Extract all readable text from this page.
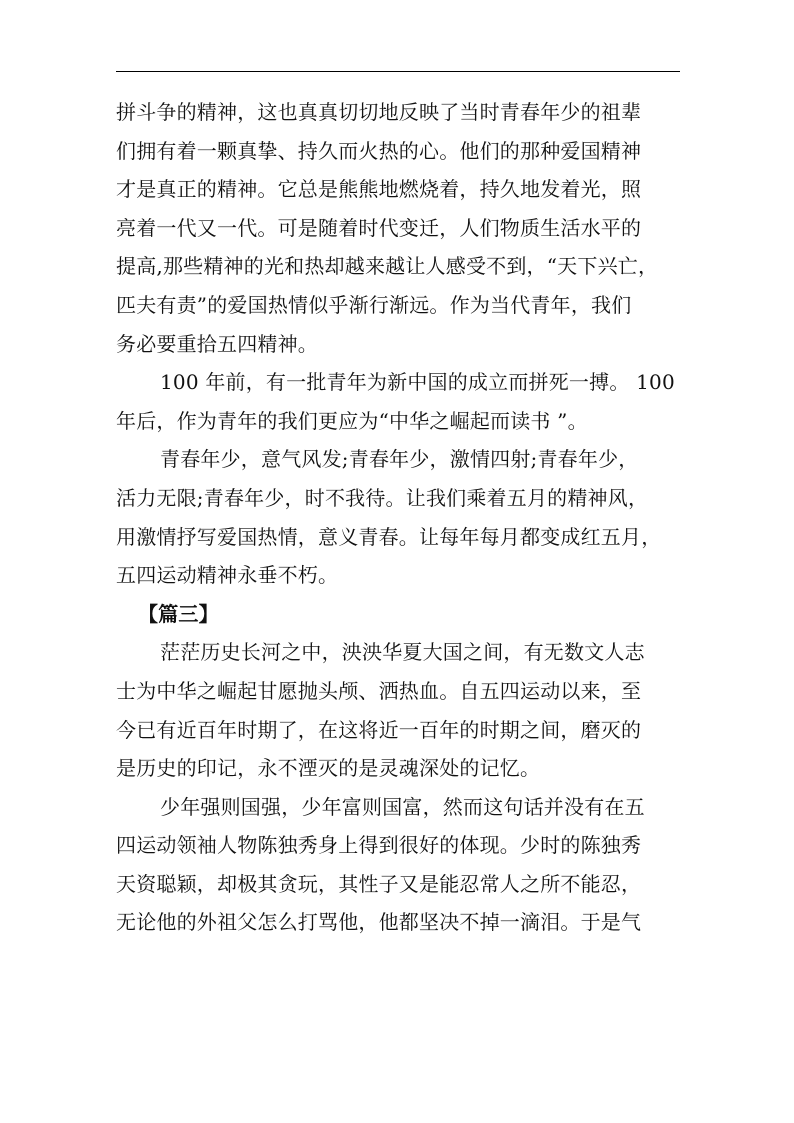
拼斗争的精神，这也真真切切地反映了当时青春年少的祖辈
们拥有着一颗真挚、持久而火热的心。他们的那种爱国精神
才是真正的精神。它总是熊熊地燃烧着，持久地发着光，照
亮着一代又一代。可是随着时代变迁，人们物质生活水平的
提高,那些精神的光和热却越来越让人感受不到，“天下兴亡，
匹夫有责”的爱国热情似乎渐行渐远。作为当代青年，我们
务必要重拾五四精神。
100 年前，有一批青年为新中国的成立而拼死一搏。 100
年后，作为青年的我们更应为“中华之崛起而读书 ”。
青春年少，意气风发;青春年少，激情四射;青春年少，
活力无限;青春年少，时不我待。让我们乘着五月的精神风，
用激情抒写爱国热情，意义青春。让每年每月都变成红五月，
五四运动精神永垂不朽。
【篇三】
茫茫历史长河之中，泱泱华夏大国之间，有无数文人志
士为中华之崛起甘愿抛头颅、洒热血。自五四运动以来，至
今已有近百年时期了，在这将近一百年的时期之间，磨灭的
是历史的印记，永不湮灭的是灵魂深处的记忆。
少年强则国强，少年富则国富，然而这句话并没有在五
四运动领袖人物陈独秀身上得到很好的体现。少时的陈独秀
天资聪颖，却极其贪玩，其性子又是能忍常人之所不能忍，
无论他的外祖父怎么打骂他，他都坚决不掉一滴泪。于是气
